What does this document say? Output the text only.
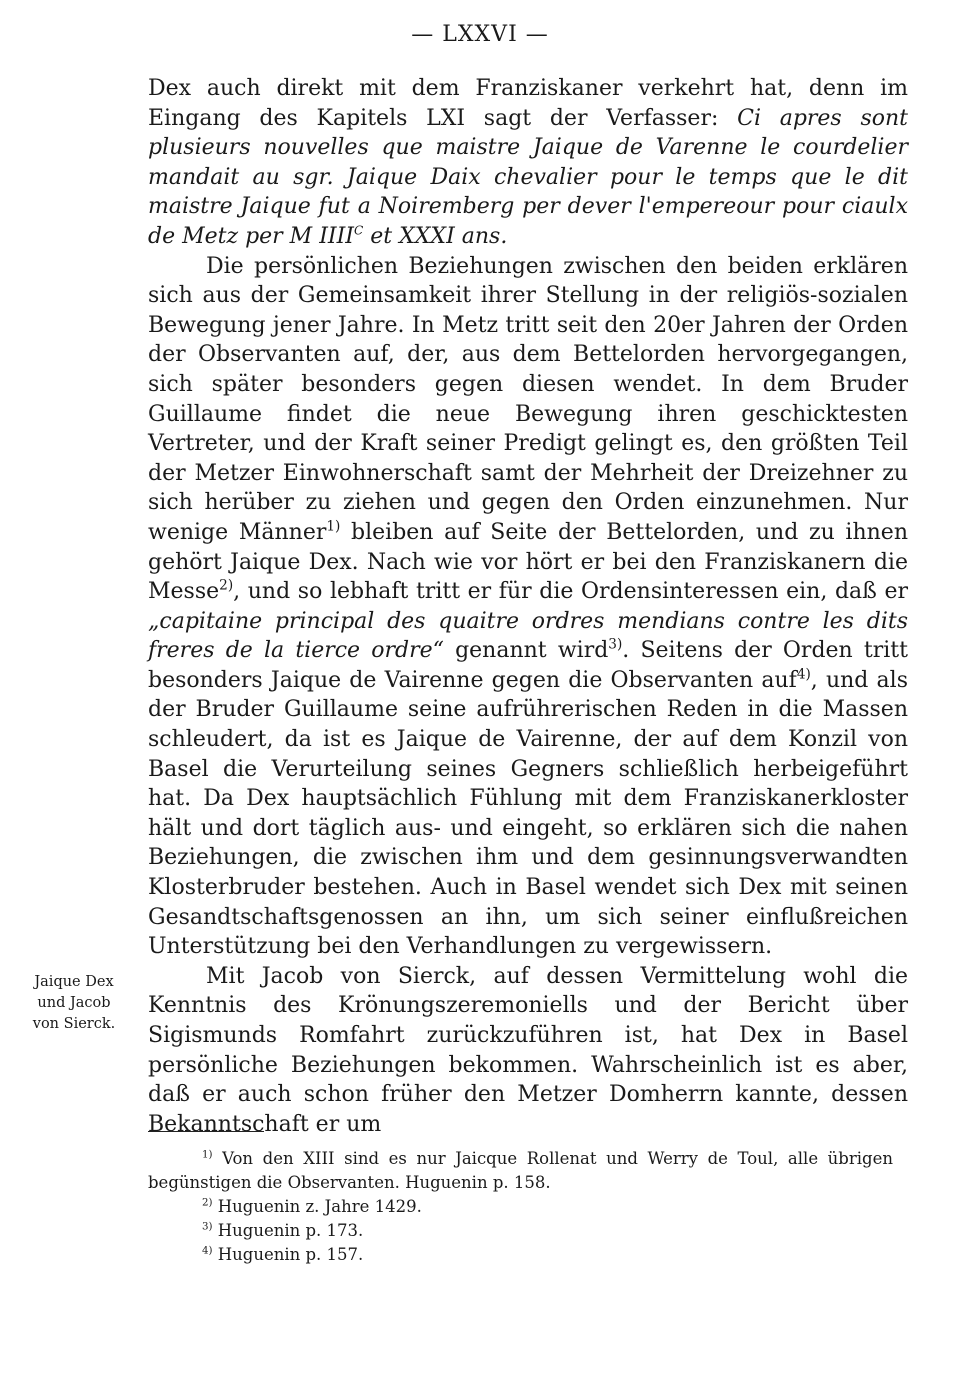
— LXXVI —

Dex auch direkt mit dem Franziskaner verkehrt hat, denn im Eingang des Kapitels LXI sagt der Verfasser: Ci apres sont plusieurs nouvelles que maistre Jaique de Varenne le courdelier mandait au sgr. Jaique Daix chevalier pour le temps que le dit maistre Jaique fut a Noiremberg per dever l'empereour pour ciaulx de Metz per M $IIII^C$ et XXXI ans.

Die persönlichen Beziehungen zwischen den beiden erklären sich aus der Gemeinsamkeit ihrer Stellung in der religiös-sozialen Bewegung jener Jahre. In Metz tritt seit den 20er Jahren der Orden der Observanten auf, der, aus dem Bettelorden hervorgegangen, sich später besonders gegen diesen wendet. In dem Bruder Guillaume findet die neue Bewegung ihren geschicktesten Vertreter, und der Kraft seiner Predigt gelingt es, den größten Teil der Metzer Einwohnerschaft samt der Mehrheit der Dreizehner zu sich herüber zu ziehen und gegen den Orden einzunehmen. Nur wenige Männer$^{1)}$ bleiben auf Seite der Bettelorden, und zu ihnen gehört Jaique Dex. Nach wie vor hört er bei den Franziskanern die Messe$^{2)}$, und so lebhaft tritt er für die Ordensinteressen ein, daß er „capitaine principal des quaitre ordres mendians contre les dits freres de la tierce ordre“ genannt wird$^{3)}$. Seitens der Orden tritt besonders Jaique de Vairenne gegen die Observanten auf$^{4)}$, und als der Bruder Guillaume seine aufrührerischen Reden in die Massen schleudert, da ist es Jaique de Vairenne, der auf dem Konzil von Basel die Verurteilung seines Gegners schließlich herbeigeführt hat. Da Dex hauptsächlich Fühlung mit dem Franziskanerkloster hält und dort täglich aus- und eingeht, so erklären sich die nahen Beziehungen, die zwischen ihm und dem gesinnungsverwandten Klosterbruder bestehen. Auch in Basel wendet sich Dex mit seinen Gesandtschaftsgenossen an ihn, um sich seiner einflußreichen Unterstützung bei den Verhandlungen zu vergewissern.

Mit Jacob von Sierck, auf dessen Vermittelung wohl die Kenntnis des Krönungszeremoniells und der Bericht über Sigismunds Romfahrt zurückzuführen ist, hat Dex in Basel persönliche Beziehungen bekommen. Wahrscheinlich ist es aber, daß er auch schon früher den Metzer Domherrn kannte, dessen Bekanntschaft er um

Jaique Dex und Jacob von Sierck.
$^{1)}$ Von den XIII sind es nur Jaicque Rollenat und Werry de Toul, alle übrigen begünstigen die Observanten. Huguenin p. 158.
$^{2)}$ Huguenin z. Jahre 1429.
$^{3)}$ Huguenin p. 173.
$^{4)}$ Huguenin p. 157.
